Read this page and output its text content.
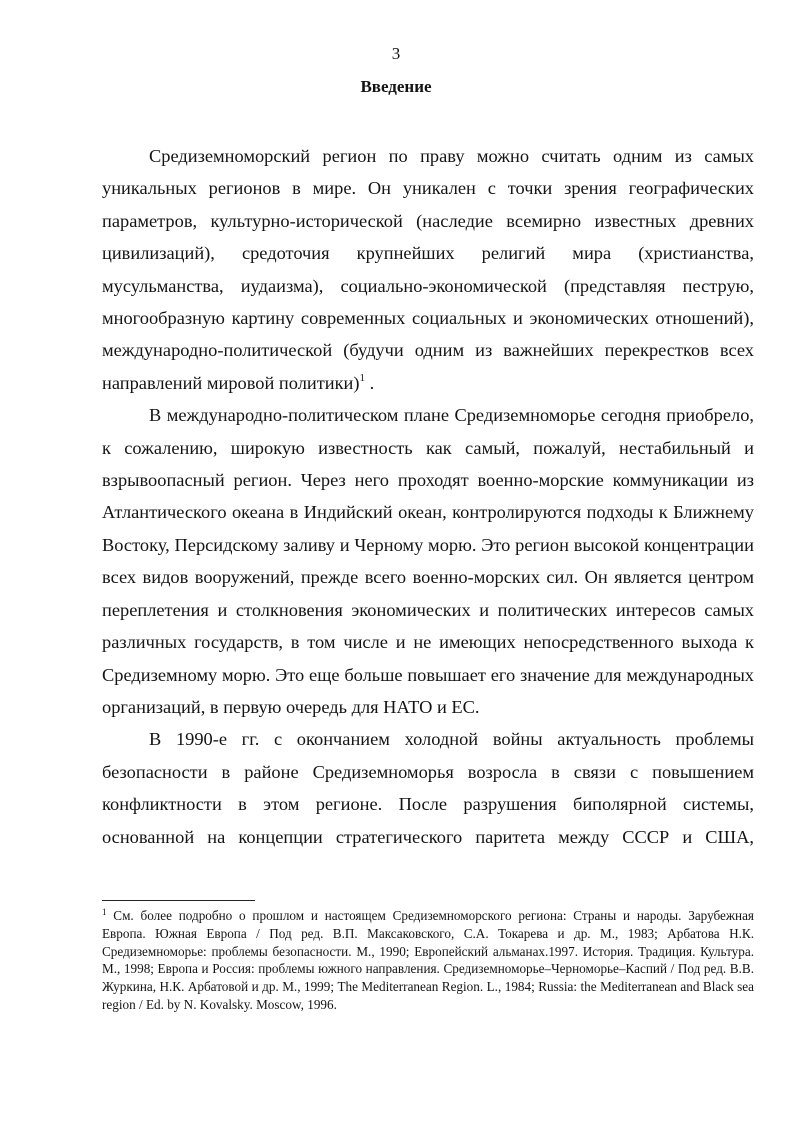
3
Введение

Средиземноморский регион по праву можно считать одним из самых уникальных регионов в мире. Он уникален с точки зрения географических параметров, культурно-исторической (наследие всемирно известных древних цивилизаций), средоточия крупнейших религий мира (христианства, мусульманства, иудаизма), социально-экономической (представляя пеструю, многообразную картину современных социальных и экономических отношений), международно-политической (будучи одним из важнейших перекрестков всех направлений мировой политики)$^1$ .

В международно-политическом плане Средиземноморье сегодня приобрело, к сожалению, широкую известность как самый, пожалуй, нестабильный и взрывоопасный регион. Через него проходят военно-морские коммуникации из Атлантического океана в Индийский океан, контролируются подходы к Ближнему Востоку, Персидскому заливу и Черному морю. Это регион высокой концентрации всех видов вооружений, прежде всего военно-морских сил. Он является центром переплетения и столкновения экономических и политических интересов самых различных государств, в том числе и не имеющих непосредственного выхода к Средиземному морю. Это еще больше повышает его значение для международных организаций, в первую очередь для НАТО и ЕС.

В 1990-е гг. с окончанием холодной войны актуальность проблемы безопасности в районе Средиземноморья возросла в связи с повышением конфликтности в этом регионе. После разрушения биполярной системы, основанной на концепции стратегического паритета между СССР и США,

$^1$ См. более подробно о прошлом и настоящем Средиземноморского региона: Страны и народы. Зарубежная Европа. Южная Европа / Под ред. В.П. Максаковского, С.А. Токарева и др. М., 1983; Арбатова Н.К. Средиземноморье: проблемы безопасности. М., 1990; Европейский альманах.1997. История. Традиция. Культура. М., 1998; Европа и Россия: проблемы южного направления. Средиземноморье–Черноморье–Каспий / Под ред. В.В. Журкина, Н.К. Арбатовой и др. М., 1999; The Mediterranean Region. L., 1984; Russia: the Mediterranean and Black sea region / Ed. by N. Kovalsky. Moscow, 1996.
